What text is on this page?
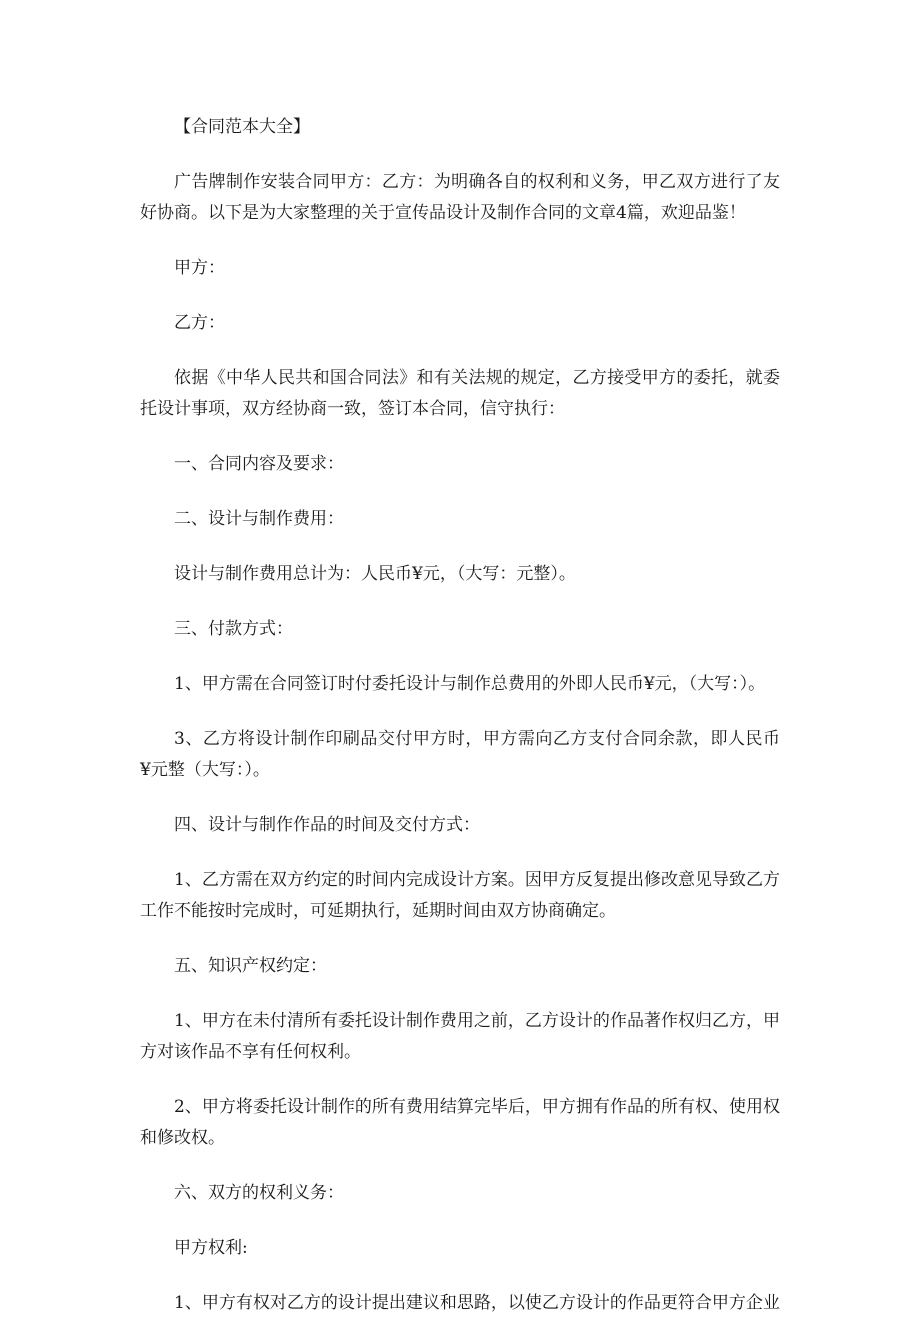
【合同范本大全】

广告牌制作安装合同甲方：乙方：为明确各自的权利和义务，甲乙双方进行了友好协商。以下是为大家整理的关于宣传品设计及制作合同的文章4篇，欢迎品鉴！

甲方：

乙方：

依据《中华人民共和国合同法》和有关法规的规定，乙方接受甲方的委托，就委托设计事项，双方经协商一致，签订本合同，信守执行：

一、合同内容及要求：

二、设计与制作费用：

设计与制作费用总计为：人民币¥元，（大写：元整）。

三、付款方式：

1、甲方需在合同签订时付委托设计与制作总费用的外即人民币¥元，（大写：）。

3、乙方将设计制作印刷品交付甲方时，甲方需向乙方支付合同余款，即人民币¥元整（大写：）。

四、设计与制作作品的时间及交付方式：

1、乙方需在双方约定的时间内完成设计方案。因甲方反复提出修改意见导致乙方工作不能按时完成时，可延期执行，延期时间由双方协商确定。

五、知识产权约定：

1、甲方在未付清所有委托设计制作费用之前，乙方设计的作品著作权归乙方，甲方对该作品不享有任何权利。

2、甲方将委托设计制作的所有费用结算完毕后，甲方拥有作品的所有权、使用权和修改权。

六、双方的权利义务：

甲方权利:

1、甲方有权对乙方的设计提出建议和思路，以使乙方设计的作品更符合甲方企业
